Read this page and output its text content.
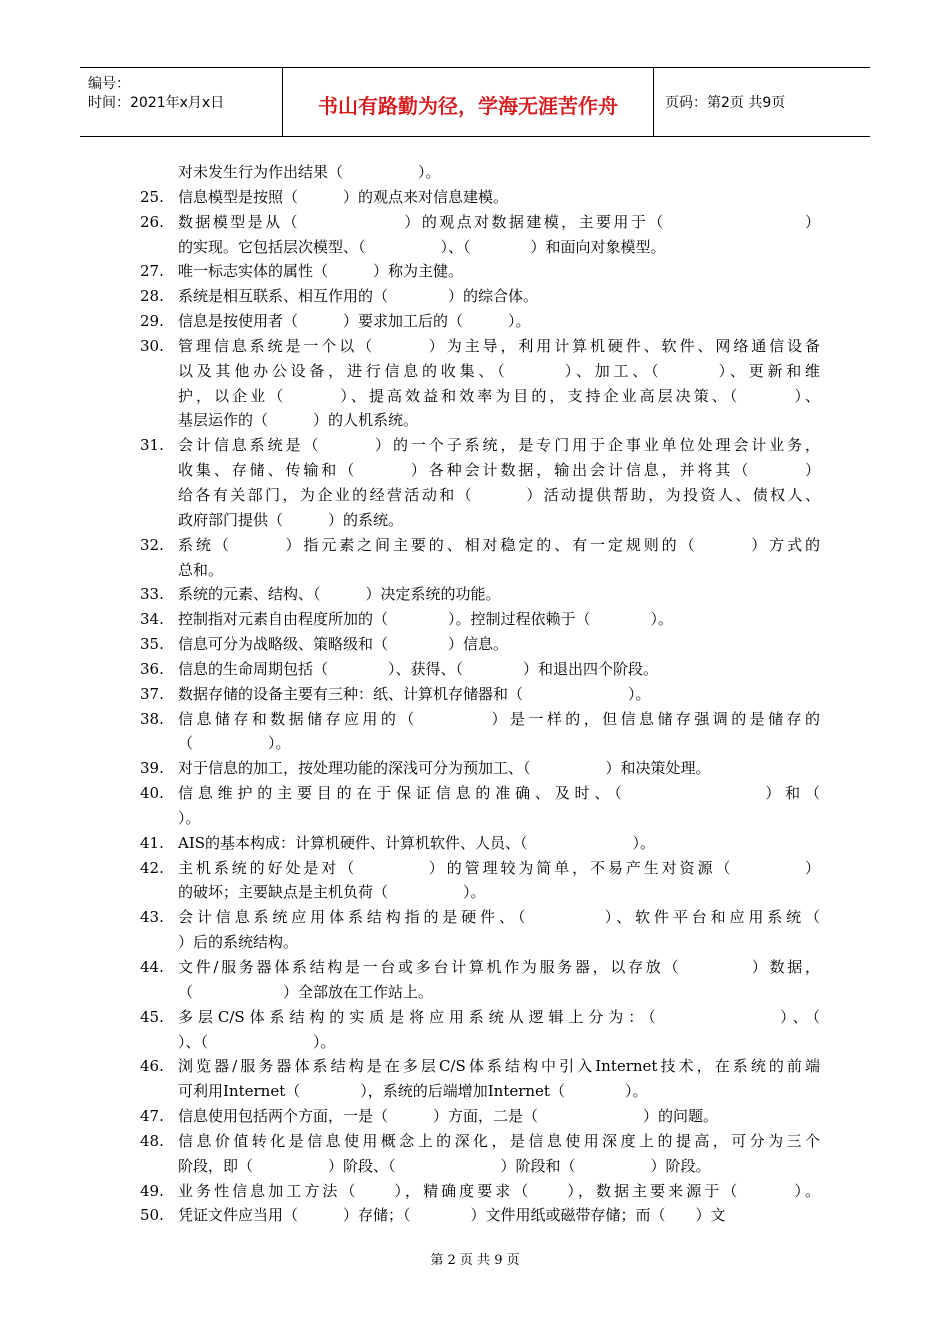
编号：
时间：2021年x月x日	书山有路勤为径，学海无涯苦作舟	页码：第2页 共9页
对未发生行为作出结果（　　　　　）。
25. 信息模型是按照（　　　）的观点来对信息建模。
26. 数据模型是从（　　　　　　）的观点对数据建模，主要用于（　　　　　　　　）
的实现。它包括层次模型、（　　　　　）、（　　　　）和面向对象模型。
27. 唯一标志实体的属性（　　　）称为主健。
28. 系统是相互联系、相互作用的（　　　　）的综合体。
29. 信息是按使用者（　　　）要求加工后的（　　　）。
30. 管理信息系统是一个以（　　　）为主导，利用计算机硬件、软件、网络通信设备
以及其他办公设备，进行信息的收集、（　　　）、加工、（　　　）、更新和维
护，以企业（　　　）、提高效益和效率为目的，支持企业高层决策、（　　　）、
基层运作的（　　　）的人机系统。
31. 会计信息系统是（　　　）的一个子系统，是专门用于企事业单位处理会计业务，
收集、存储、传输和（　　　）各种会计数据，输出会计信息，并将其（　　　）
给各有关部门，为企业的经营活动和（　　　）活动提供帮助，为投资人、债权人、
政府部门提供（　　　）的系统。
32. 系统（　　　）指元素之间主要的、相对稳定的、有一定规则的（　　　）方式的
总和。
33. 系统的元素、结构、（　　　）决定系统的功能。
34. 控制指对元素自由程度所加的（　　　　）。控制过程依赖于（　　　　）。
35. 信息可分为战略级、策略级和（　　　　）信息。
36. 信息的生命周期包括（　　　　）、获得、（　　　　）和退出四个阶段。
37. 数据存储的设备主要有三种：纸、计算机存储器和（　　　　　　　）。
38. 信息储存和数据储存应用的（　　　　）是一样的，但信息储存强调的是储存的
（　　　　　）。
39. 对于信息的加工，按处理功能的深浅可分为预加工、（　　　　　）和决策处理。
40. 信息维护的主要目的在于保证信息的准确、及时、（　　　　　　　）和（
）。
41. AIS的基本构成：计算机硬件、计算机软件、人员、（　　　　　　　）。
42. 主机系统的好处是对（　　　　）的管理较为简单，不易产生对资源（　　　　）
的破坏；主要缺点是主机负荷（　　　　　）。
43. 会计信息系统应用体系结构指的是硬件、（　　　　）、软件平台和应用系统（
）后的系统结构。
44. 文件/服务器体系结构是一台或多台计算机作为服务器，以存放（　　　　）数据，
（　　　　　　）全部放在工作站上。
45. 多层C/S体系结构的实质是将应用系统从逻辑上分为：（　　　　　　）、（
）、（　　　　　　　）。
46. 浏览器/服务器体系结构是在多层C/S体系结构中引入Internet技术，在系统的前端
可利用Internet（　　　　），系统的后端增加Internet（　　　　）。
47. 信息使用包括两个方面，一是（　　　）方面，二是（　　　　　　　）的问题。
48. 信息价值转化是信息使用概念上的深化，是信息使用深度上的提高，可分为三个
阶段，即（　　　　　）阶段、（　　　　　　　）阶段和（　　　　　）阶段。
49. 业务性信息加工方法（　　），精确度要求（　　），数据主要来源于（　　　）。
50. 凭证文件应当用（　　　）存储；（　　　　）文件用纸或磁带存储；而（　　）文
第 2 页 共 9 页
